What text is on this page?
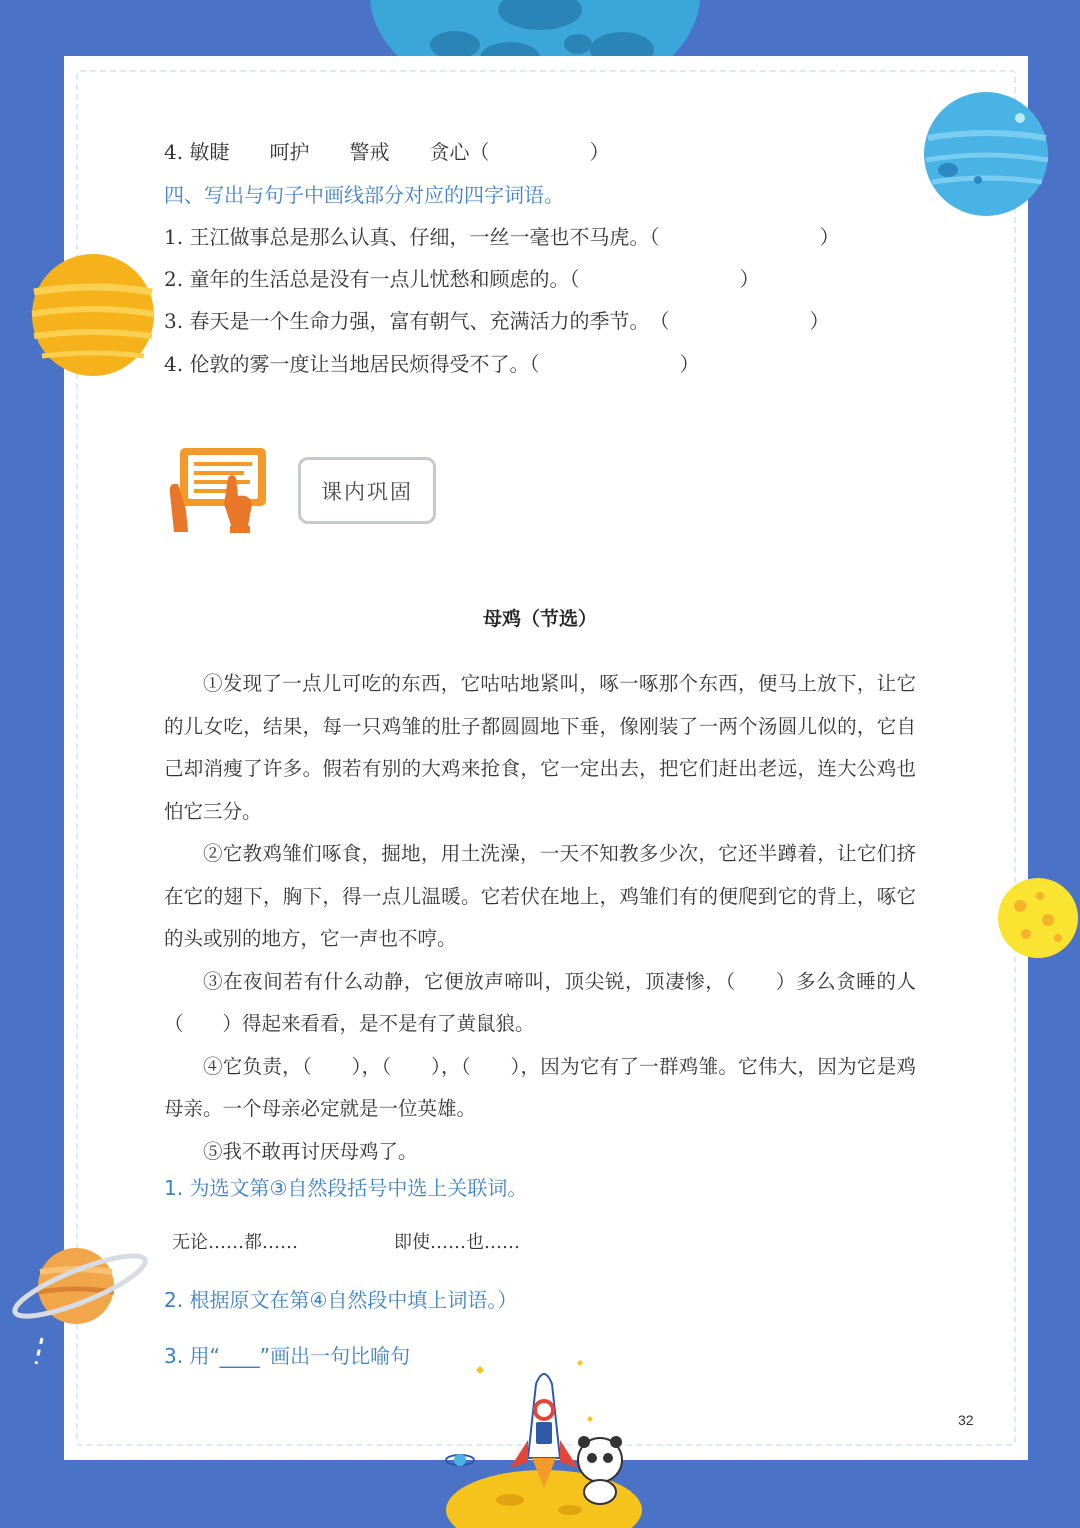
4. 敏睫　　呵护　　警戒　　贪心（　　　　　）
四、写出与句子中画线部分对应的四字词语。
1. 王江做事总是那么认真、仔细，一丝一毫也不马虎。（　　　　　　　　）
2. 童年的生活总是没有一点儿忧愁和顾虑的。（　　　　　　　　）
3. 春天是一个生命力强，富有朝气、充满活力的季节。　（　　　　　　　）
4. 伦敦的雾一度让当地居民烦得受不了。（　　　　　　　）
课内巩固
母鸡（节选）

①发现了一点儿可吃的东西，它咕咕地紧叫，啄一啄那个东西，便马上放下，让它的儿女吃，结果，每一只鸡雏的肚子都圆圆地下垂，像刚装了一两个汤圆儿似的，它自己却消瘦了许多。假若有别的大鸡来抢食，它一定出去，把它们赶出老远，连大公鸡也怕它三分。

②它教鸡雏们啄食，掘地，用土洗澡，一天不知教多少次，它还半蹲着，让它们挤在它的翅下，胸下，得一点儿温暖。它若伏在地上，鸡雏们有的便爬到它的背上，啄它的头或别的地方，它一声也不哼。

③在夜间若有什么动静，它便放声啼叫，顶尖锐，顶凄惨，（　　）多么贪睡的人（　　）得起来看看，是不是有了黄鼠狼。

④它负责，（　　），（　　），（　　），因为它有了一群鸡雏。它伟大，因为它是鸡母亲。一个母亲必定就是一位英雄。

⑤我不敢再讨厌母鸡了。

1. 为选文第③自然段括号中选上关联词。
无论……都……	即使……也……
2. 根据原文在第④自然段中填上词语。）
3. 用“____”画出一句比喻句
32
